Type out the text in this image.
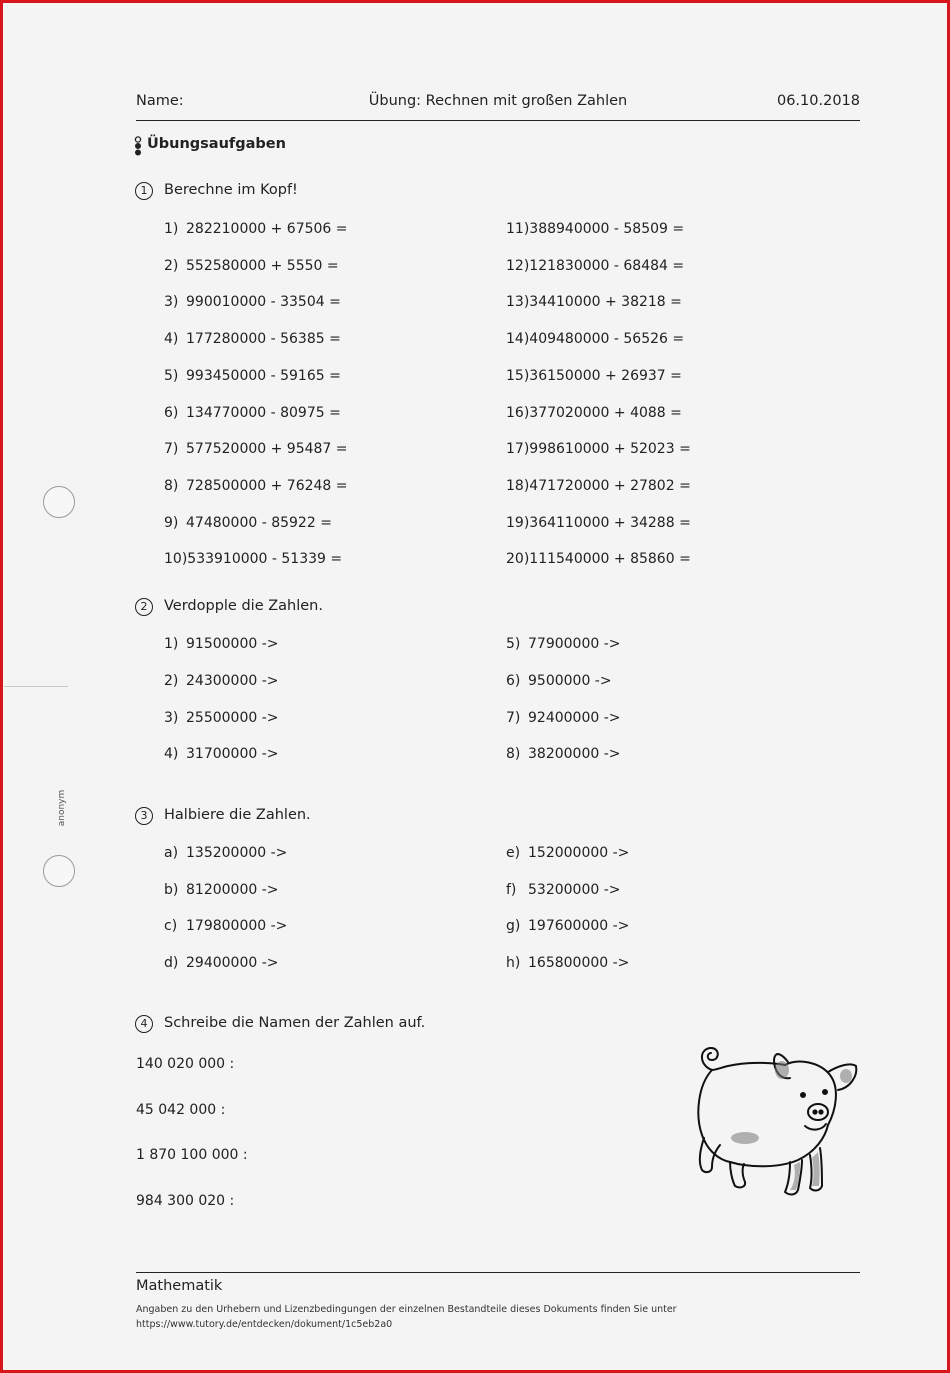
anonym
Name:	Übung: Rechnen mit großen Zahlen	06.10.2018
Übungsaufgaben
1	Berechne im Kopf!
1) 282210000 + 67506 =
2) 552580000 + 5550 =
3) 990010000 - 33504 =
4) 177280000 - 56385 =
5) 993450000 - 59165 =
6) 134770000 - 80975 =
7) 577520000 + 95487 =
8) 728500000 + 76248 =
9) 47480000 - 85922 =
10)533910000 - 51339 =
11)388940000 - 58509 =
12)121830000 - 68484 =
13)34410000 + 38218 =
14)409480000 - 56526 =
15)36150000 + 26937 =
16)377020000 + 4088 =
17)998610000 + 52023 =
18)471720000 + 27802 =
19)364110000 + 34288 =
20)111540000 + 85860 =
2	Verdopple die Zahlen.
1) 91500000 ->
2) 24300000 ->
3) 25500000 ->
4) 31700000 ->
5) 77900000 ->
6) 9500000 ->
7) 92400000 ->
8) 38200000 ->
3	Halbiere die Zahlen.
a) 135200000 ->
b) 81200000 ->
c) 179800000 ->
d) 29400000 ->
e) 152000000 ->
f) 53200000 ->
g) 197600000 ->
h) 165800000 ->
4	Schreibe die Namen der Zahlen auf.
140 020 000 :
45 042 000 :
1 870 100 000 :
984 300 020 :
Mathematik
Angaben zu den Urhebern und Lizenzbedingungen der einzelnen Bestandteile dieses Dokuments finden Sie unter
https://www.tutory.de/entdecken/dokument/1c5eb2a0
